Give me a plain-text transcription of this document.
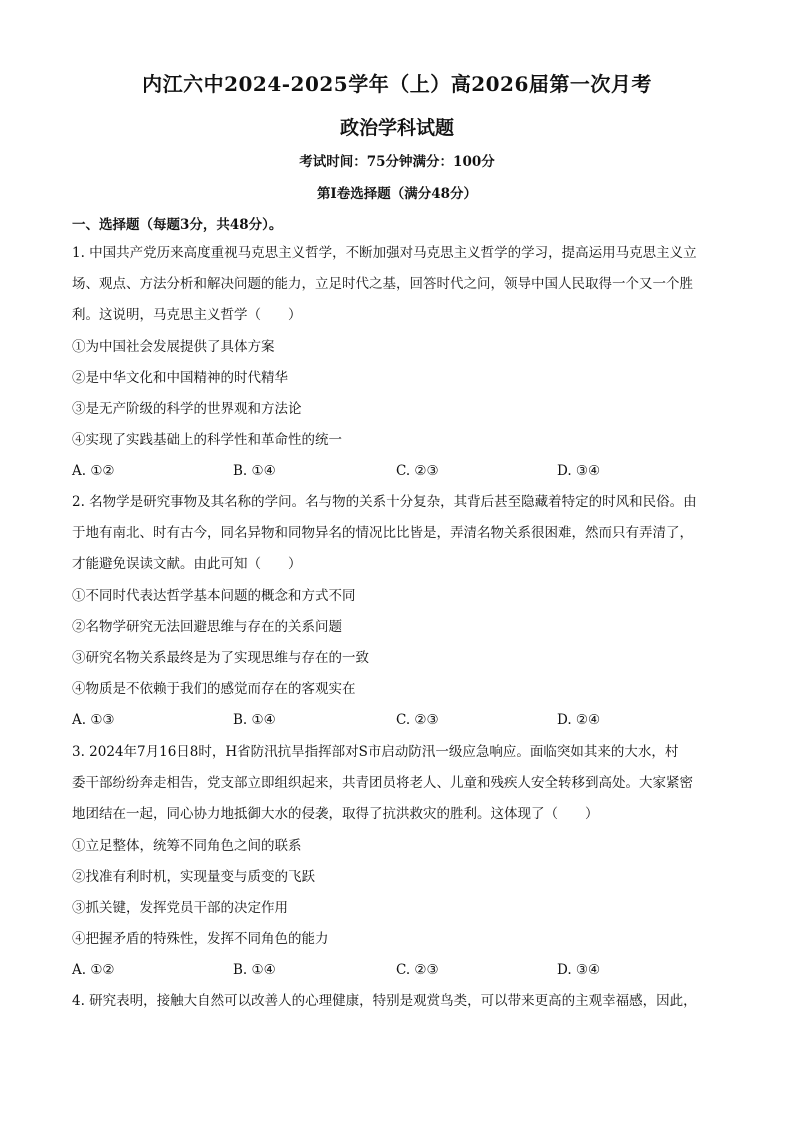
内江六中2024-2025学年（上）高2026届第一次月考
政治学科试题
考试时间：75分钟满分：100分
第Ⅰ卷选择题（满分48分）
一、选择题（每题3分，共48分）。
1. 中国共产党历来高度重视马克思主义哲学，不断加强对马克思主义哲学的学习，提高运用马克思主义立
场、观点、方法分析和解决问题的能力，立足时代之基，回答时代之问，领导中国人民取得一个又一个胜
利。这说明，马克思主义哲学（　　）
①为中国社会发展提供了具体方案
②是中华文化和中国精神的时代精华
③是无产阶级的科学的世界观和方法论
④实现了实践基础上的科学性和革命性的统一
A. ①②	B. ①④	C. ②③	D. ③④
2. 名物学是研究事物及其名称的学问。名与物的关系十分复杂，其背后甚至隐藏着特定的时风和民俗。由
于地有南北、时有古今，同名异物和同物异名的情况比比皆是，弄清名物关系很困难，然而只有弄清了，
才能避免误读文献。由此可知（　　）
①不同时代表达哲学基本问题的概念和方式不同
②名物学研究无法回避思维与存在的关系问题
③研究名物关系最终是为了实现思维与存在的一致
④物质是不依赖于我们的感觉而存在的客观实在
A. ①③	B. ①④	C. ②③	D. ②④
3. 2024年7月16日8时，H省防汛抗旱指挥部对S市启动防汛一级应急响应。面临突如其来的大水，村
委干部纷纷奔走相告，党支部立即组织起来，共青团员将老人、儿童和残疾人安全转移到高处。大家紧密
地团结在一起，同心协力地抵御大水的侵袭，取得了抗洪救灾的胜利。这体现了（　　）
①立足整体，统筹不同角色之间的联系
②找准有利时机，实现量变与质变的飞跃
③抓关键，发挥党员干部的决定作用
④把握矛盾的特殊性，发挥不同角色的能力
A. ①②	B. ①④	C. ②③	D. ③④
4. 研究表明，接触大自然可以改善人的心理健康，特别是观赏鸟类，可以带来更高的主观幸福感，因此，
